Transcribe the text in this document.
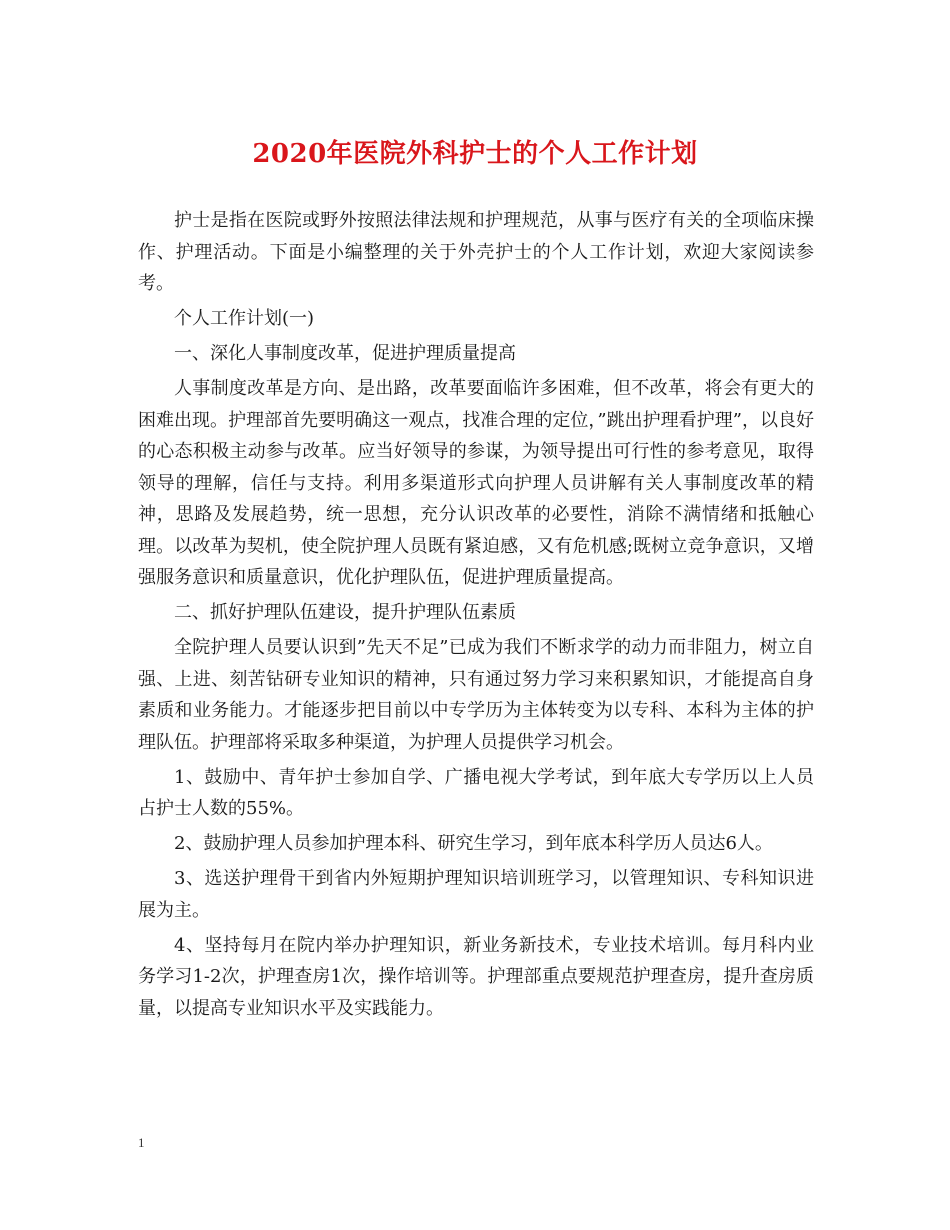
2020年医院外科护士的个人工作计划

护士是指在医院或野外按照法律法规和护理规范，从事与医疗有关的全项临床操作、护理活动。下面是小编整理的关于外壳护士的个人工作计划，欢迎大家阅读参考。

个人工作计划(一)

一、深化人事制度改革，促进护理质量提高

人事制度改革是方向、是出路，改革要面临许多困难，但不改革，将会有更大的困难出现。护理部首先要明确这一观点，找准合理的定位，”跳出护理看护理”，以良好的心态积极主动参与改革。应当好领导的参谋，为领导提出可行性的参考意见，取得领导的理解，信任与支持。利用多渠道形式向护理人员讲解有关人事制度改革的精神，思路及发展趋势，统一思想，充分认识改革的必要性，消除不满情绪和抵触心理。以改革为契机，使全院护理人员既有紧迫感，又有危机感;既树立竞争意识，又增强服务意识和质量意识，优化护理队伍，促进护理质量提高。

二、抓好护理队伍建设，提升护理队伍素质

全院护理人员要认识到”先天不足”已成为我们不断求学的动力而非阻力，树立自强、上进、刻苦钻研专业知识的精神，只有通过努力学习来积累知识，才能提高自身素质和业务能力。才能逐步把目前以中专学历为主体转变为以专科、本科为主体的护理队伍。护理部将采取多种渠道，为护理人员提供学习机会。

1、鼓励中、青年护士参加自学、广播电视大学考试，到年底大专学历以上人员占护士人数的55%。

2、鼓励护理人员参加护理本科、研究生学习，到年底本科学历人员达6人。

3、选送护理骨干到省内外短期护理知识培训班学习，以管理知识、专科知识进展为主。

4、坚持每月在院内举办护理知识，新业务新技术，专业技术培训。每月科内业务学习1-2次，护理查房1次，操作培训等。护理部重点要规范护理查房，提升查房质量，以提高专业知识水平及实践能力。

1
